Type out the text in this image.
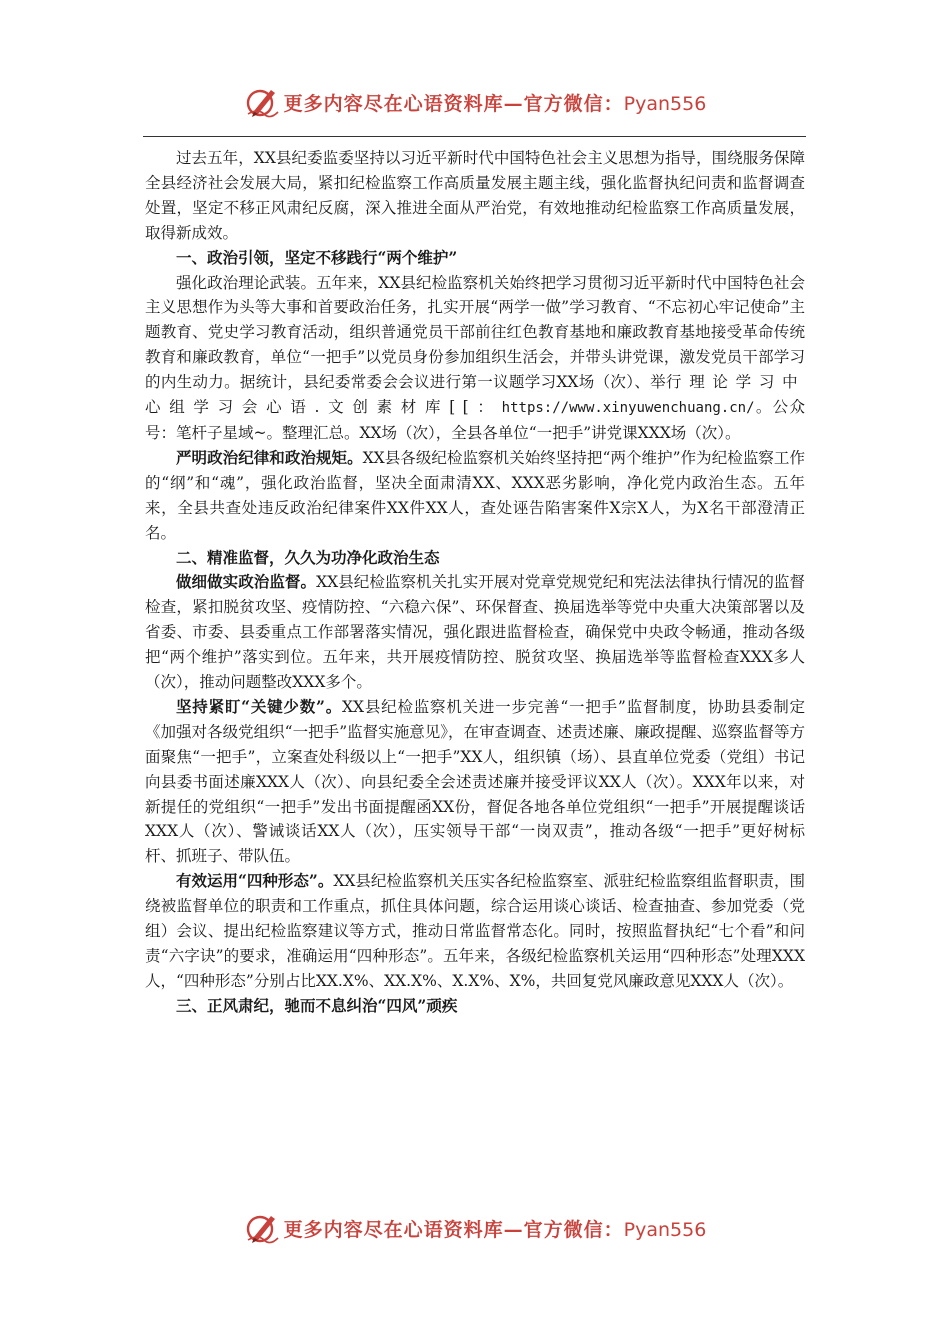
更多内容尽在心语资料库—官方微信：Pyan556

过去五年，XX县纪委监委坚持以习近平新时代中国特色社会主义思想为指导，围绕服务保障全县经济社会发展大局，紧扣纪检监察工作高质量发展主题主线，强化监督执纪问责和监督调查处置，坚定不移正风肃纪反腐，深入推进全面从严治党，有效地推动纪检监察工作高质量发展，取得新成效。

一、政治引领，坚定不移践行“两个维护”

强化政治理论武装。五年来，XX县纪检监察机关始终把学习贯彻习近平新时代中国特色社会主义思想作为头等大事和首要政治任务，扎实开展“两学一做”学习教育、“不忘初心牢记使命”主题教育、党史学习教育活动，组织普通党员干部前往红色教育基地和廉政教育基地接受革命传统教育和廉政教育，单位“一把手”以党员身份参加组织生活会，并带头讲党课，激发党员干部学习的内生动力。据统计，县纪委常委会会议进行第一议题学习XX场（次）、举行理论学习中心组学习会心语.文创素材库[[：https://www.xinyuwenchuang.cn/。公众号：笔杆子星域~。整理汇总。XX场（次），全县各单位“一把手”讲党课XXX场（次）。

严明政治纪律和政治规矩。XX县各级纪检监察机关始终坚持把“两个维护”作为纪检监察工作的“纲”和“魂”，强化政治监督，坚决全面肃清XX、XXX恶劣影响，净化党内政治生态。五年来，全县共查处违反政治纪律案件XX件XX人，查处诬告陷害案件X宗X人，为X名干部澄清正名。

二、精准监督，久久为功净化政治生态

做细做实政治监督。XX县纪检监察机关扎实开展对党章党规党纪和宪法法律执行情况的监督检查，紧扣脱贫攻坚、疫情防控、“六稳六保”、环保督查、换届选举等党中央重大决策部署以及省委、市委、县委重点工作部署落实情况，强化跟进监督检查，确保党中央政令畅通，推动各级把“两个维护”落实到位。五年来，共开展疫情防控、脱贫攻坚、换届选举等监督检查XXX多人（次），推动问题整改XXX多个。

坚持紧盯“关键少数”。XX县纪检监察机关进一步完善“一把手”监督制度，协助县委制定《加强对各级党组织“一把手”监督实施意见》，在审查调查、述责述廉、廉政提醒、巡察监督等方面聚焦“一把手”，立案查处科级以上“一把手”XX人，组织镇（场）、县直单位党委（党组）书记向县委书面述廉XXX人（次）、向县纪委全会述责述廉并接受评议XX人（次）。XXX年以来，对新提任的党组织“一把手”发出书面提醒函XX份，督促各地各单位党组织“一把手”开展提醒谈话XXX人（次）、警诫谈话XX人（次），压实领导干部“一岗双责”，推动各级“一把手”更好树标杆、抓班子、带队伍。

有效运用“四种形态”。XX县纪检监察机关压实各纪检监察室、派驻纪检监察组监督职责，围绕被监督单位的职责和工作重点，抓住具体问题，综合运用谈心谈话、检查抽查、参加党委（党组）会议、提出纪检监察建议等方式，推动日常监督常态化。同时，按照监督执纪“七个看”和问责“六字诀”的要求，准确运用“四种形态”。五年来，各级纪检监察机关运用“四种形态”处理XXX人，“四种形态”分别占比XX.X%、XX.X%、X.X%、X%，共回复党风廉政意见XXX人（次）。

三、正风肃纪，驰而不息纠治“四风”顽疾

更多内容尽在心语资料库—官方微信：Pyan556
